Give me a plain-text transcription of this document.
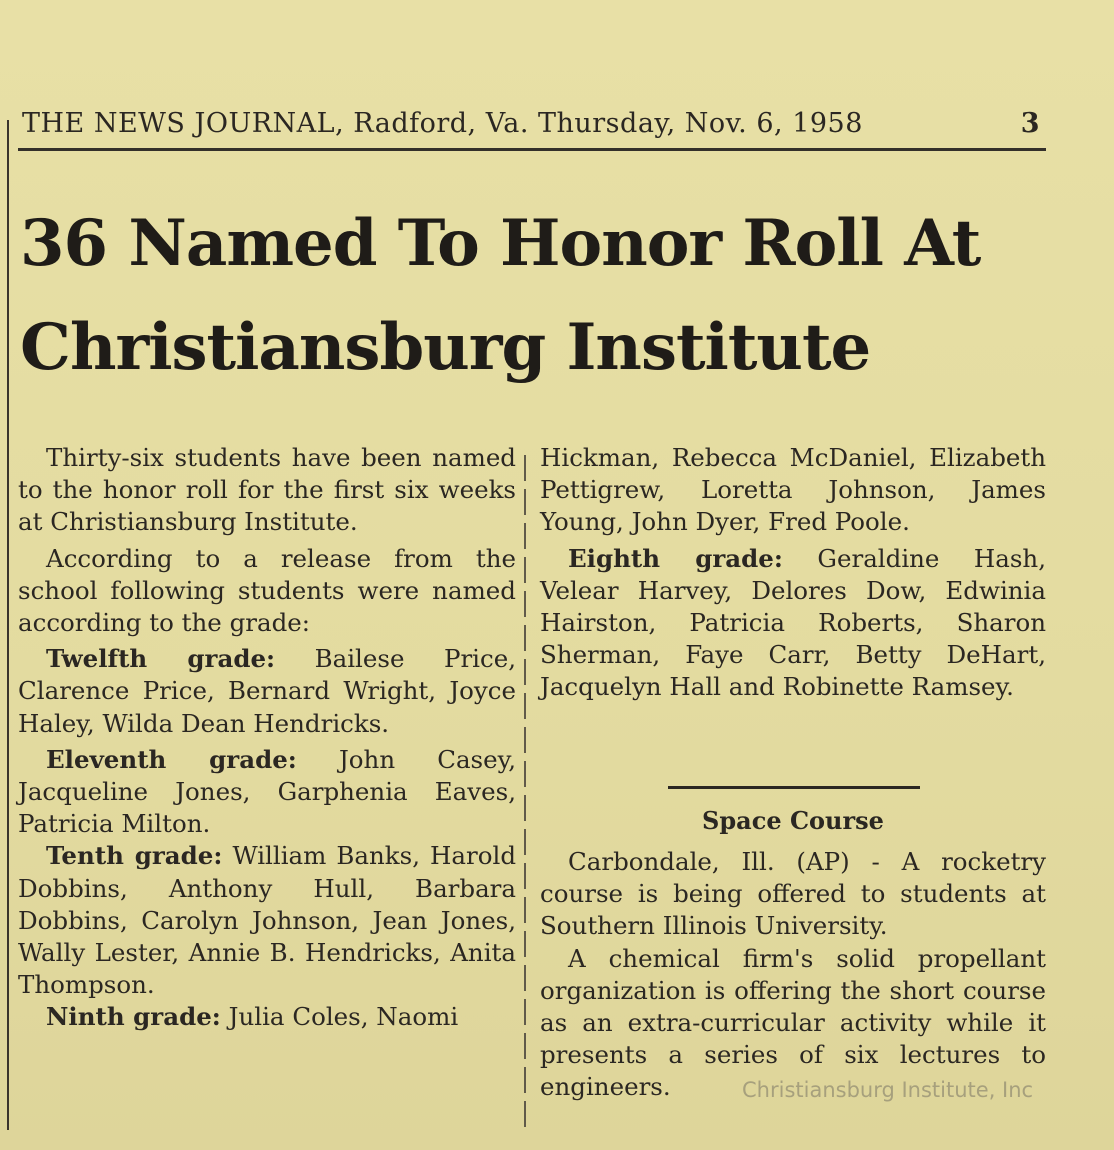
THE NEWS JOURNAL, Radford, Va. Thursday, Nov. 6, 1958	3
36 Named To Honor Roll At
Christiansburg Institute

Thirty-six students have been named to the honor roll for the first six weeks at Christiansburg Institute.

According to a release from the school following students were named according to the grade:

Twelfth grade: Bailese Price, Clarence Price, Bernard Wright, Joyce Haley, Wilda Dean Hendricks.

Eleventh grade: John Casey, Jacqueline Jones, Garphenia Eaves, Patricia Milton.

Tenth grade: William Banks, Harold Dobbins, Anthony Hull, Barbara Dobbins, Carolyn Johnson, Jean Jones, Wally Lester, Annie B. Hendricks, Anita Thompson.

Ninth grade: Julia Coles, Naomi

Hickman, Rebecca McDaniel, Elizabeth Pettigrew, Loretta Johnson, James Young, John Dyer, Fred Poole.

Eighth grade: Geraldine Hash, Velear Harvey, Delores Dow, Edwinia Hairston, Patricia Roberts, Sharon Sherman, Faye Carr, Betty DeHart, Jacquelyn Hall and Robinette Ramsey.

Space Course

Carbondale, Ill. (AP) - A rocketry course is being offered to students at Southern Illinois University.

A chemical firm's solid propellant organization is offering the short course as an extra-curricular activity while it presents a series of six lectures to engineers.	Christiansburg Institute, Inc
